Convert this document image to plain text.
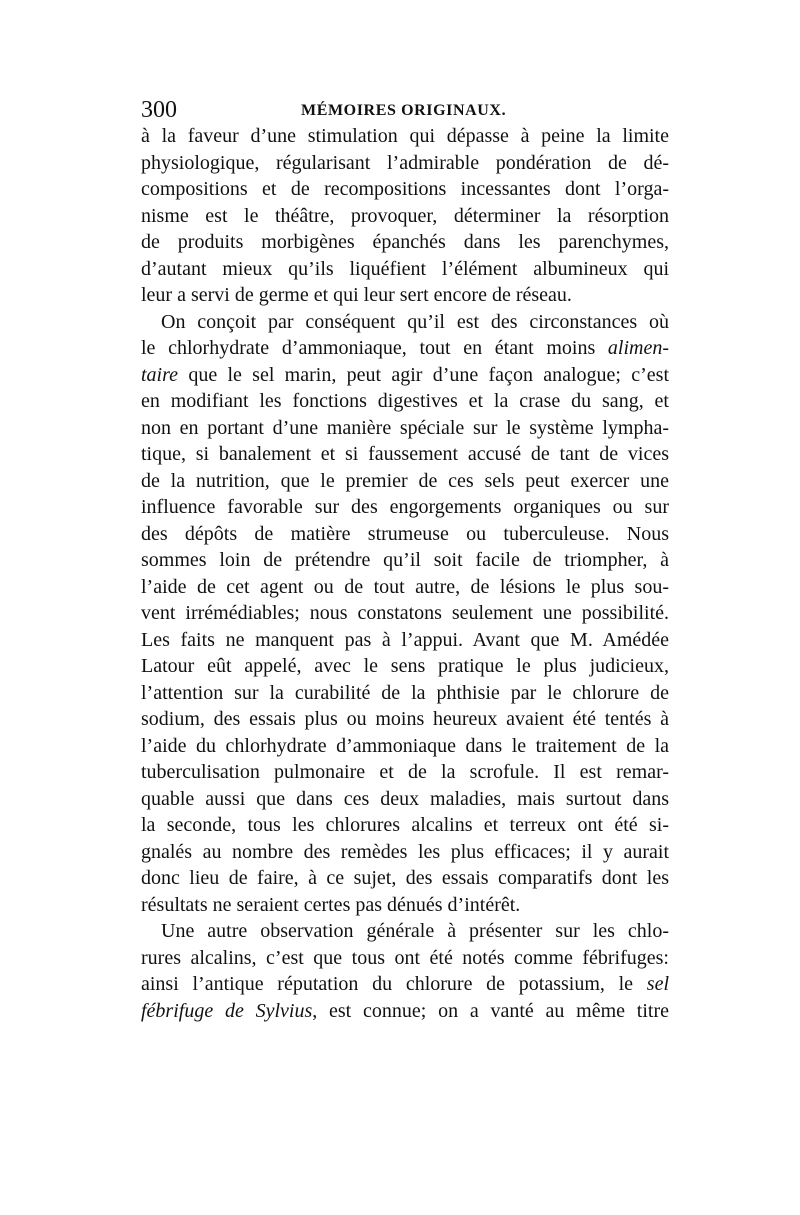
300	MÉMOIRES ORIGINAUX.
à la faveur d’une stimulation qui dépasse à peine la limite
physiologique, régularisant l’admirable pondération de dé-
compositions et de recompositions incessantes dont l’orga-
nisme est le théâtre, provoquer, déterminer la résorption
de produits morbigènes épanchés dans les parenchymes,
d’autant mieux qu’ils liquéfient l’élément albumineux qui
leur a servi de germe et qui leur sert encore de réseau.
On conçoit par conséquent qu’il est des circonstances où
le chlorhydrate d’ammoniaque, tout en étant moins alimen-
taire que le sel marin, peut agir d’une façon analogue; c’est
en modifiant les fonctions digestives et la crase du sang, et
non en portant d’une manière spéciale sur le système lympha-
tique, si banalement et si faussement accusé de tant de vices
de la nutrition, que le premier de ces sels peut exercer une
influence favorable sur des engorgements organiques ou sur
des dépôts de matière strumeuse ou tuberculeuse. Nous
sommes loin de prétendre qu’il soit facile de triompher, à
l’aide de cet agent ou de tout autre, de lésions le plus sou-
vent irrémédiables; nous constatons seulement une possibilité.
Les faits ne manquent pas à l’appui. Avant que M. Amédée
Latour eût appelé, avec le sens pratique le plus judicieux,
l’attention sur la curabilité de la phthisie par le chlorure de
sodium, des essais plus ou moins heureux avaient été tentés à
l’aide du chlorhydrate d’ammoniaque dans le traitement de la
tuberculisation pulmonaire et de la scrofule. Il est remar-
quable aussi que dans ces deux maladies, mais surtout dans
la seconde, tous les chlorures alcalins et terreux ont été si-
gnalés au nombre des remèdes les plus efficaces; il y aurait
donc lieu de faire, à ce sujet, des essais comparatifs dont les
résultats ne seraient certes pas dénués d’intérêt.
Une autre observation générale à présenter sur les chlo-
rures alcalins, c’est que tous ont été notés comme fébrifuges:
ainsi l’antique réputation du chlorure de potassium, le sel
fébrifuge de Sylvius, est connue; on a vanté au même titre
